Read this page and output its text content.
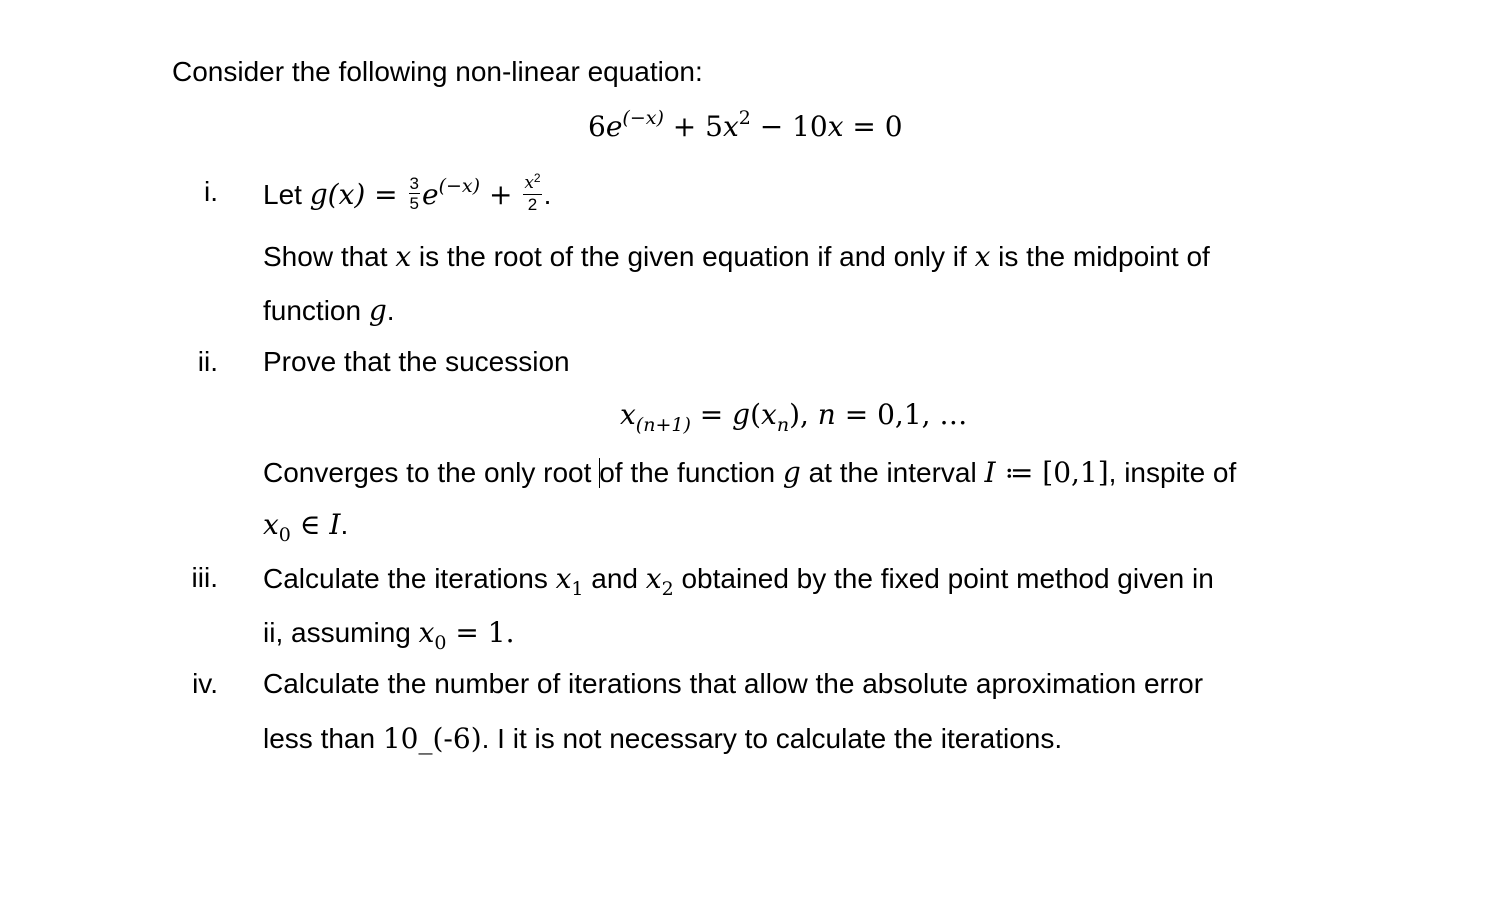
Consider the following non-linear equation:
$6e^{(-x)} + 5x^2 - 10x = 0$
i. Let $g(x) = \frac{3}{5} e^{(-x)} + \frac{x^2}{2}$ .
Show that x is the root of the given equation if and only if x is the midpoint of
function g.
ii. Prove that the sucession
$x_{(n+1)} = g(x_n)$, n = 0,1, …
Converges to the only root of the function g at the interval I ≔ [0,1], inspite of
$x_0$ ∈ I.
iii. Calculate the iterations $x_1$ and $x_2$ obtained by the fixed point method given in
ii, assuming $x_0 = 1$.
iv. Calculate the number of iterations that allow the absolute aproximation error
less than 10_(-6). I it is not necessary to calculate the iterations.
